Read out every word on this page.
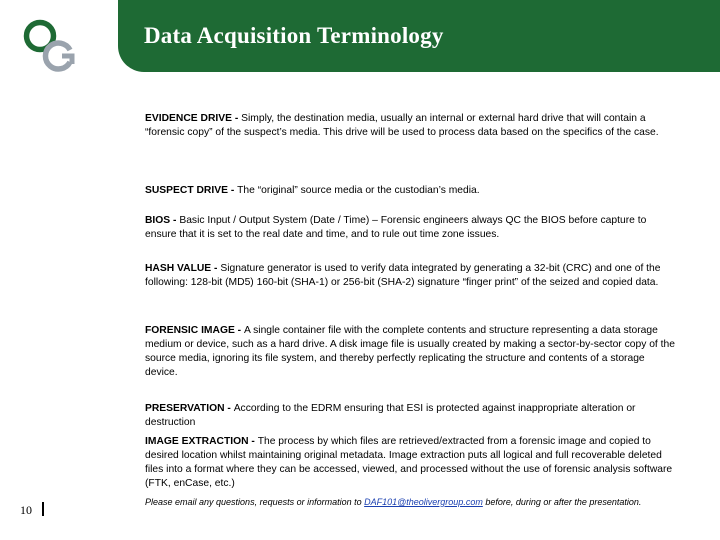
Data Acquisition Terminology

EVIDENCE DRIVE - Simply, the destination media, usually an internal or external hard drive that will contain a “forensic copy” of the suspect’s media. This drive will be used to process data based on the specifics of the case.

SUSPECT DRIVE - The “original” source media or the custodian’s media.

BIOS - Basic Input / Output System (Date / Time) – Forensic engineers always QC the BIOS before capture to ensure that it is set to the real date and time, and to rule out time zone issues.

HASH VALUE - Signature generator is used to verify data integrated by generating a 32-bit (CRC) and one of the following: 128-bit (MD5) 160-bit (SHA-1) or 256-bit (SHA-2) signature “finger print” of the seized and copied data.

FORENSIC IMAGE - A single container file with the complete contents and structure representing a data storage medium or device, such as a hard drive. A disk image file is usually created by making a sector-by-sector copy of the source media, ignoring its file system, and thereby perfectly replicating the structure and contents of a storage device.

PRESERVATION - According to the EDRM ensuring that ESI is protected against inappropriate alteration or destruction

IMAGE EXTRACTION - The process by which files are retrieved/extracted from a forensic image and copied to desired location whilst maintaining original metadata. Image extraction puts all logical and full recoverable deleted files into a format where they can be accessed, viewed, and processed without the use of forensic analysis software (FTK, enCase, etc.)

10
Please email any questions, requests or information to DAF101@theolivergroup.com before, during or after the presentation.
